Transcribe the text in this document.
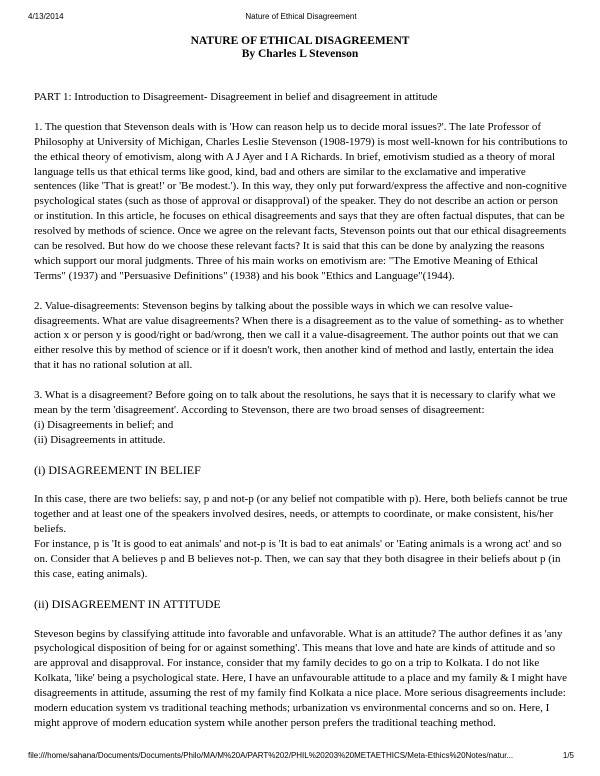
4/13/2014	Nature of Ethical Disagreement
NATURE OF ETHICAL DISAGREEMENT
By Charles L Stevenson

PART 1: Introduction to Disagreement- Disagreement in belief and disagreement in attitude

1. The question that Stevenson deals with is 'How can reason help us to decide moral issues?'. The late Professor of Philosophy at University of Michigan, Charles Leslie Stevenson (1908-1979) is most well-known for his contributions to the ethical theory of emotivism, along with A J Ayer and I A Richards. In brief, emotivism studied as a theory of moral language tells us that ethical terms like good, kind, bad and others are similar to the exclamative and imperative sentences (like 'That is great!' or 'Be modest.'). In this way, they only put forward/express the affective and non-cognitive psychological states (such as those of approval or disapproval) of the speaker. They do not describe an action or person or institution. In this article, he focuses on ethical disagreements and says that they are often factual disputes, that can be resolved by methods of science. Once we agree on the relevant facts, Stevenson points out that our ethical disagreements can be resolved. But how do we choose these relevant facts? It is said that this can be done by analyzing the reasons which support our moral judgments. Three of his main works on emotivism are: "The Emotive Meaning of Ethical Terms" (1937) and "Persuasive Definitions" (1938) and his book "Ethics and Language"(1944).

2. Value-disagreements: Stevenson begins by talking about the possible ways in which we can resolve value-disagreements. What are value disagreements? When there is a disagreement as to the value of something- as to whether action x or person y is good/right or bad/wrong, then we call it a value-disagreement. The author points out that we can either resolve this by method of science or if it doesn't work, then another kind of method and lastly, entertain the idea that it has no rational solution at all.

3. What is a disagreement? Before going on to talk about the resolutions, he says that it is necessary to clarify what we mean by the term 'disagreement'. According to Stevenson, there are two broad senses of disagreement:

(i) Disagreements in belief; and

(ii) Disagreements in attitude.

(i) DISAGREEMENT IN BELIEF

In this case, there are two beliefs: say, p and not-p (or any belief not compatible with p). Here, both beliefs cannot be true together and at least one of the speakers involved desires, needs, or attempts to coordinate, or make consistent, his/her beliefs.

For instance, p is 'It is good to eat animals' and not-p is 'It is bad to eat animals' or 'Eating animals is a wrong act' and so on. Consider that A believes p and B believes not-p. Then, we can say that they both disagree in their beliefs about p (in this case, eating animals).

(ii) DISAGREEMENT IN ATTITUDE

Steveson begins by classifying attitude into favorable and unfavorable. What is an attitude? The author defines it as 'any psychological disposition of being for or against something'. This means that love and hate are kinds of attitude and so are approval and disapproval. For instance, consider that my family decides to go on a trip to Kolkata. I do not like Kolkata, 'like' being a psychological state. Here, I have an unfavourable attitude to a place and my family & I might have disagreements in attitude, assuming the rest of my family find Kolkata a nice place. More serious disagreements include: modern education system vs traditional teaching methods; urbanization vs environmental concerns and so on. Here, I might approve of modern education system while another person prefers the traditional teaching method.

file:///home/sahana/Documents/Documents/Philo/MA/M%20A/PART%202/PHIL%20203%20METAETHICS/Meta-Ethics%20Notes/natur...	1/5
